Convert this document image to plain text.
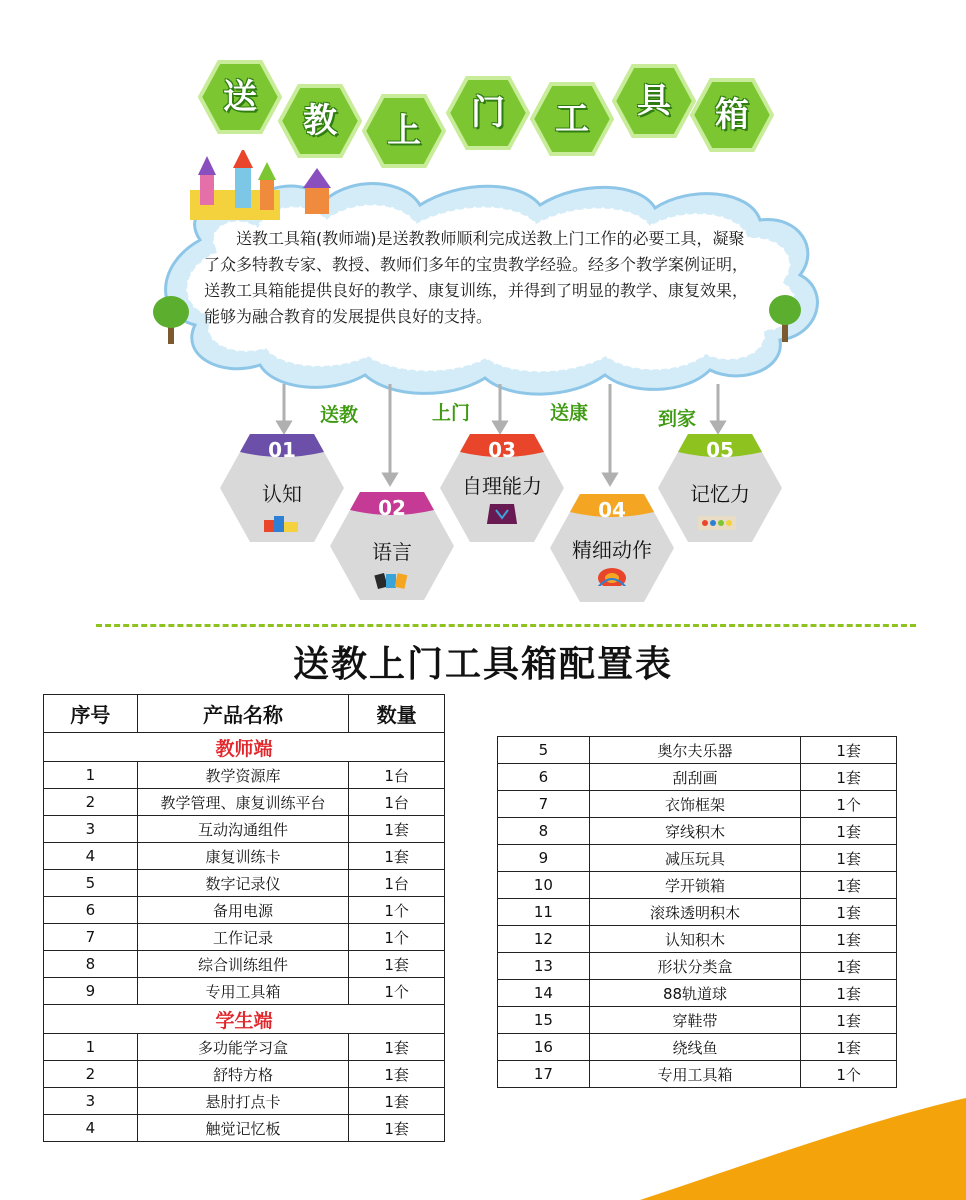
送
教	上	门	工	具	箱
送教工具箱(教师端)是送教教师顺利完成送教上门工作的必要工具，凝聚了众多特教专家、教授、教师们多年的宝贵教学经验。经多个教学案例证明，送教工具箱能提供良好的教学、康复训练，并得到了明显的教学、康复效果，能够为融合教育的发展提供良好的支持。
送教	上门	送康	到家
01
认知
02
语言
03
自理能力
04
精细动作
05
记忆力
送教上门工具箱配置表
序号	产品名称	数量
教师端		
1	教学资源库	1台
2	教学管理、康复训练平台	1台
3	互动沟通组件	1套
4	康复训练卡	1套
5	数字记录仪	1台
6	备用电源	1个
7	工作记录	1个
8	综合训练组件	1套
9	专用工具箱	1个
学生端		
1	多功能学习盒	1套
2	舒特方格	1套
3	悬肘打点卡	1套
4	触觉记忆板	1套
5	奥尔夫乐器	1套
6	刮刮画	1套
7	衣饰框架	1个
8	穿线积木	1套
9	减压玩具	1套
10	学开锁箱	1套
11	滚珠透明积木	1套
12	认知积木	1套
13	形状分类盒	1套
14	88轨道球	1套
15	穿鞋带	1套
16	绕线鱼	1套
17	专用工具箱	1个
